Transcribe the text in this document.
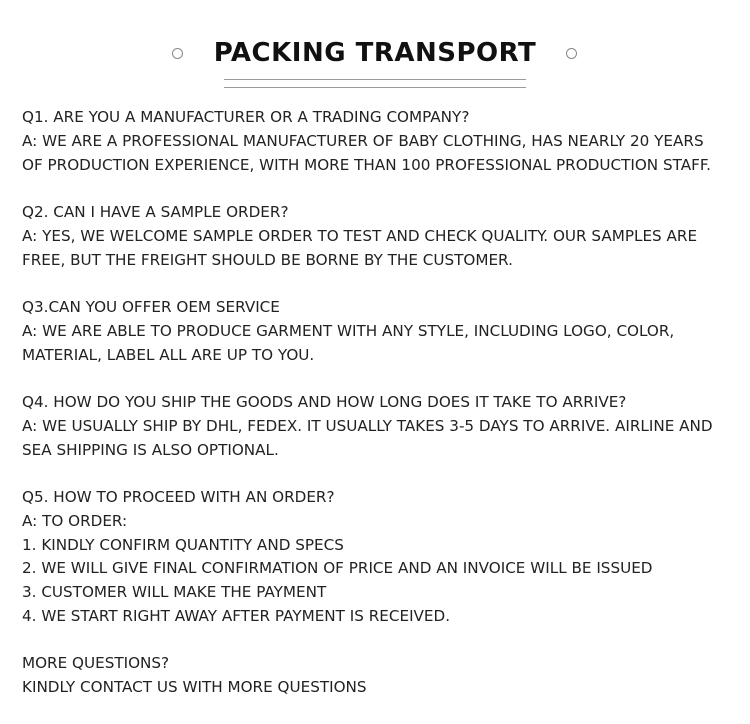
PACKING TRANSPORT
Q1. ARE YOU A MANUFACTURER OR A TRADING COMPANY?
A: WE ARE A PROFESSIONAL MANUFACTURER OF BABY CLOTHING, HAS NEARLY 20 YEARS
OF PRODUCTION EXPERIENCE, WITH MORE THAN 100 PROFESSIONAL PRODUCTION STAFF.
Q2. CAN I HAVE A SAMPLE ORDER?
A: YES, WE WELCOME SAMPLE ORDER TO TEST AND CHECK QUALITY. OUR SAMPLES ARE
FREE, BUT THE FREIGHT SHOULD BE BORNE BY THE CUSTOMER.
Q3.CAN YOU OFFER OEM SERVICE
A: WE ARE ABLE TO PRODUCE GARMENT WITH ANY STYLE, INCLUDING LOGO, COLOR,
MATERIAL, LABEL ALL ARE UP TO YOU.
Q4. HOW DO YOU SHIP THE GOODS AND HOW LONG DOES IT TAKE TO ARRIVE?
A: WE USUALLY SHIP BY DHL, FEDEX. IT USUALLY TAKES 3-5 DAYS TO ARRIVE. AIRLINE AND
SEA SHIPPING IS ALSO OPTIONAL.
Q5. HOW TO PROCEED WITH AN ORDER?
A: TO ORDER:
1. KINDLY CONFIRM QUANTITY AND SPECS
2. WE WILL GIVE FINAL CONFIRMATION OF PRICE AND AN INVOICE WILL BE ISSUED
3. CUSTOMER WILL MAKE THE PAYMENT
4. WE START RIGHT AWAY AFTER PAYMENT IS RECEIVED.
MORE QUESTIONS?
KINDLY CONTACT US WITH MORE QUESTIONS
